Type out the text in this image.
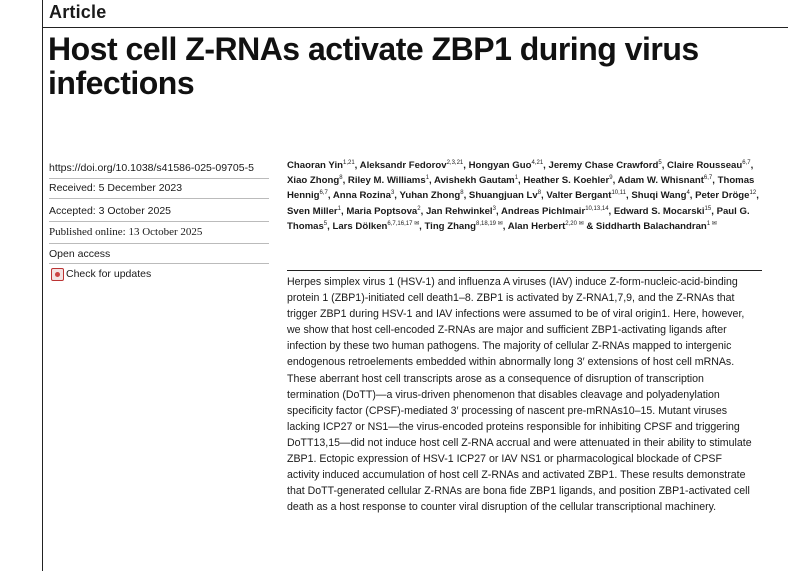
Article
Host cell Z-RNAs activate ZBP1 during virus infections
https://doi.org/10.1038/s41586-025-09705-5
Received: 5 December 2023
Accepted: 3 October 2025
Published online: 13 October 2025
Open access
Check for updates
Chaoran Yin$^{1,21}$, Aleksandr Fedorov$^{2,3,21}$, Hongyan Guo$^{4,21}$, Jeremy Chase Crawford$^5$, Claire Rousseau$^{6,7}$, Xiao Zhong$^8$, Riley M. Williams$^1$, Avishekh Gautam$^1$, Heather S. Koehler$^9$, Adam W. Whisnant$^{6,7}$, Thomas Hennig$^{6,7}$, Anna Rozina$^3$, Yuhan Zhong$^8$, Shuangjuan Lv$^8$, Valter Bergant$^{10,11}$, Shuqi Wang$^4$, Peter Dröge$^{12}$, Sven Miller$^1$, Maria Poptsova$^2$, Jan Rehwinkel$^3$, Andreas Pichlmair$^{10,13,14}$, Edward S. Mocarski$^{15}$, Paul G. Thomas$^5$, Lars Dölken$^{6,7,16,17 ✉}$, Ting Zhang$^{8,18,19 ✉}$, Alan Herbert$^{2,20 ✉}$ & Siddharth Balachandran$^{1 ✉}$

Herpes simplex virus 1 (HSV-1) and influenza A viruses (IAV) induce Z-form-nucleic-acid-binding protein 1 (ZBP1)-initiated cell death1–8. ZBP1 is activated by Z-RNA1,7,9, and the Z-RNAs that trigger ZBP1 during HSV-1 and IAV infections were assumed to be of viral origin1. Here, however, we show that host cell-encoded Z-RNAs are major and sufficient ZBP1-activating ligands after infection by these two human pathogens. The majority of cellular Z-RNAs mapped to intergenic endogenous retroelements embedded within abnormally long 3′ extensions of host cell mRNAs. These aberrant host cell transcripts arose as a consequence of disruption of transcription termination (DoTT)—a virus-driven phenomenon that disables cleavage and polyadenylation specificity factor (CPSF)-mediated 3′ processing of nascent pre-mRNAs10–15. Mutant viruses lacking ICP27 or NS1—the virus-encoded proteins responsible for inhibiting CPSF and triggering DoTT13,15—did not induce host cell Z-RNA accrual and were attenuated in their ability to stimulate ZBP1. Ectopic expression of HSV-1 ICP27 or IAV NS1 or pharmacological blockade of CPSF activity induced accumulation of host cell Z-RNAs and activated ZBP1. These results demonstrate that DoTT-generated cellular Z-RNAs are bona fide ZBP1 ligands, and position ZBP1-activated cell death as a host response to counter viral disruption of the cellular transcriptional machinery.
